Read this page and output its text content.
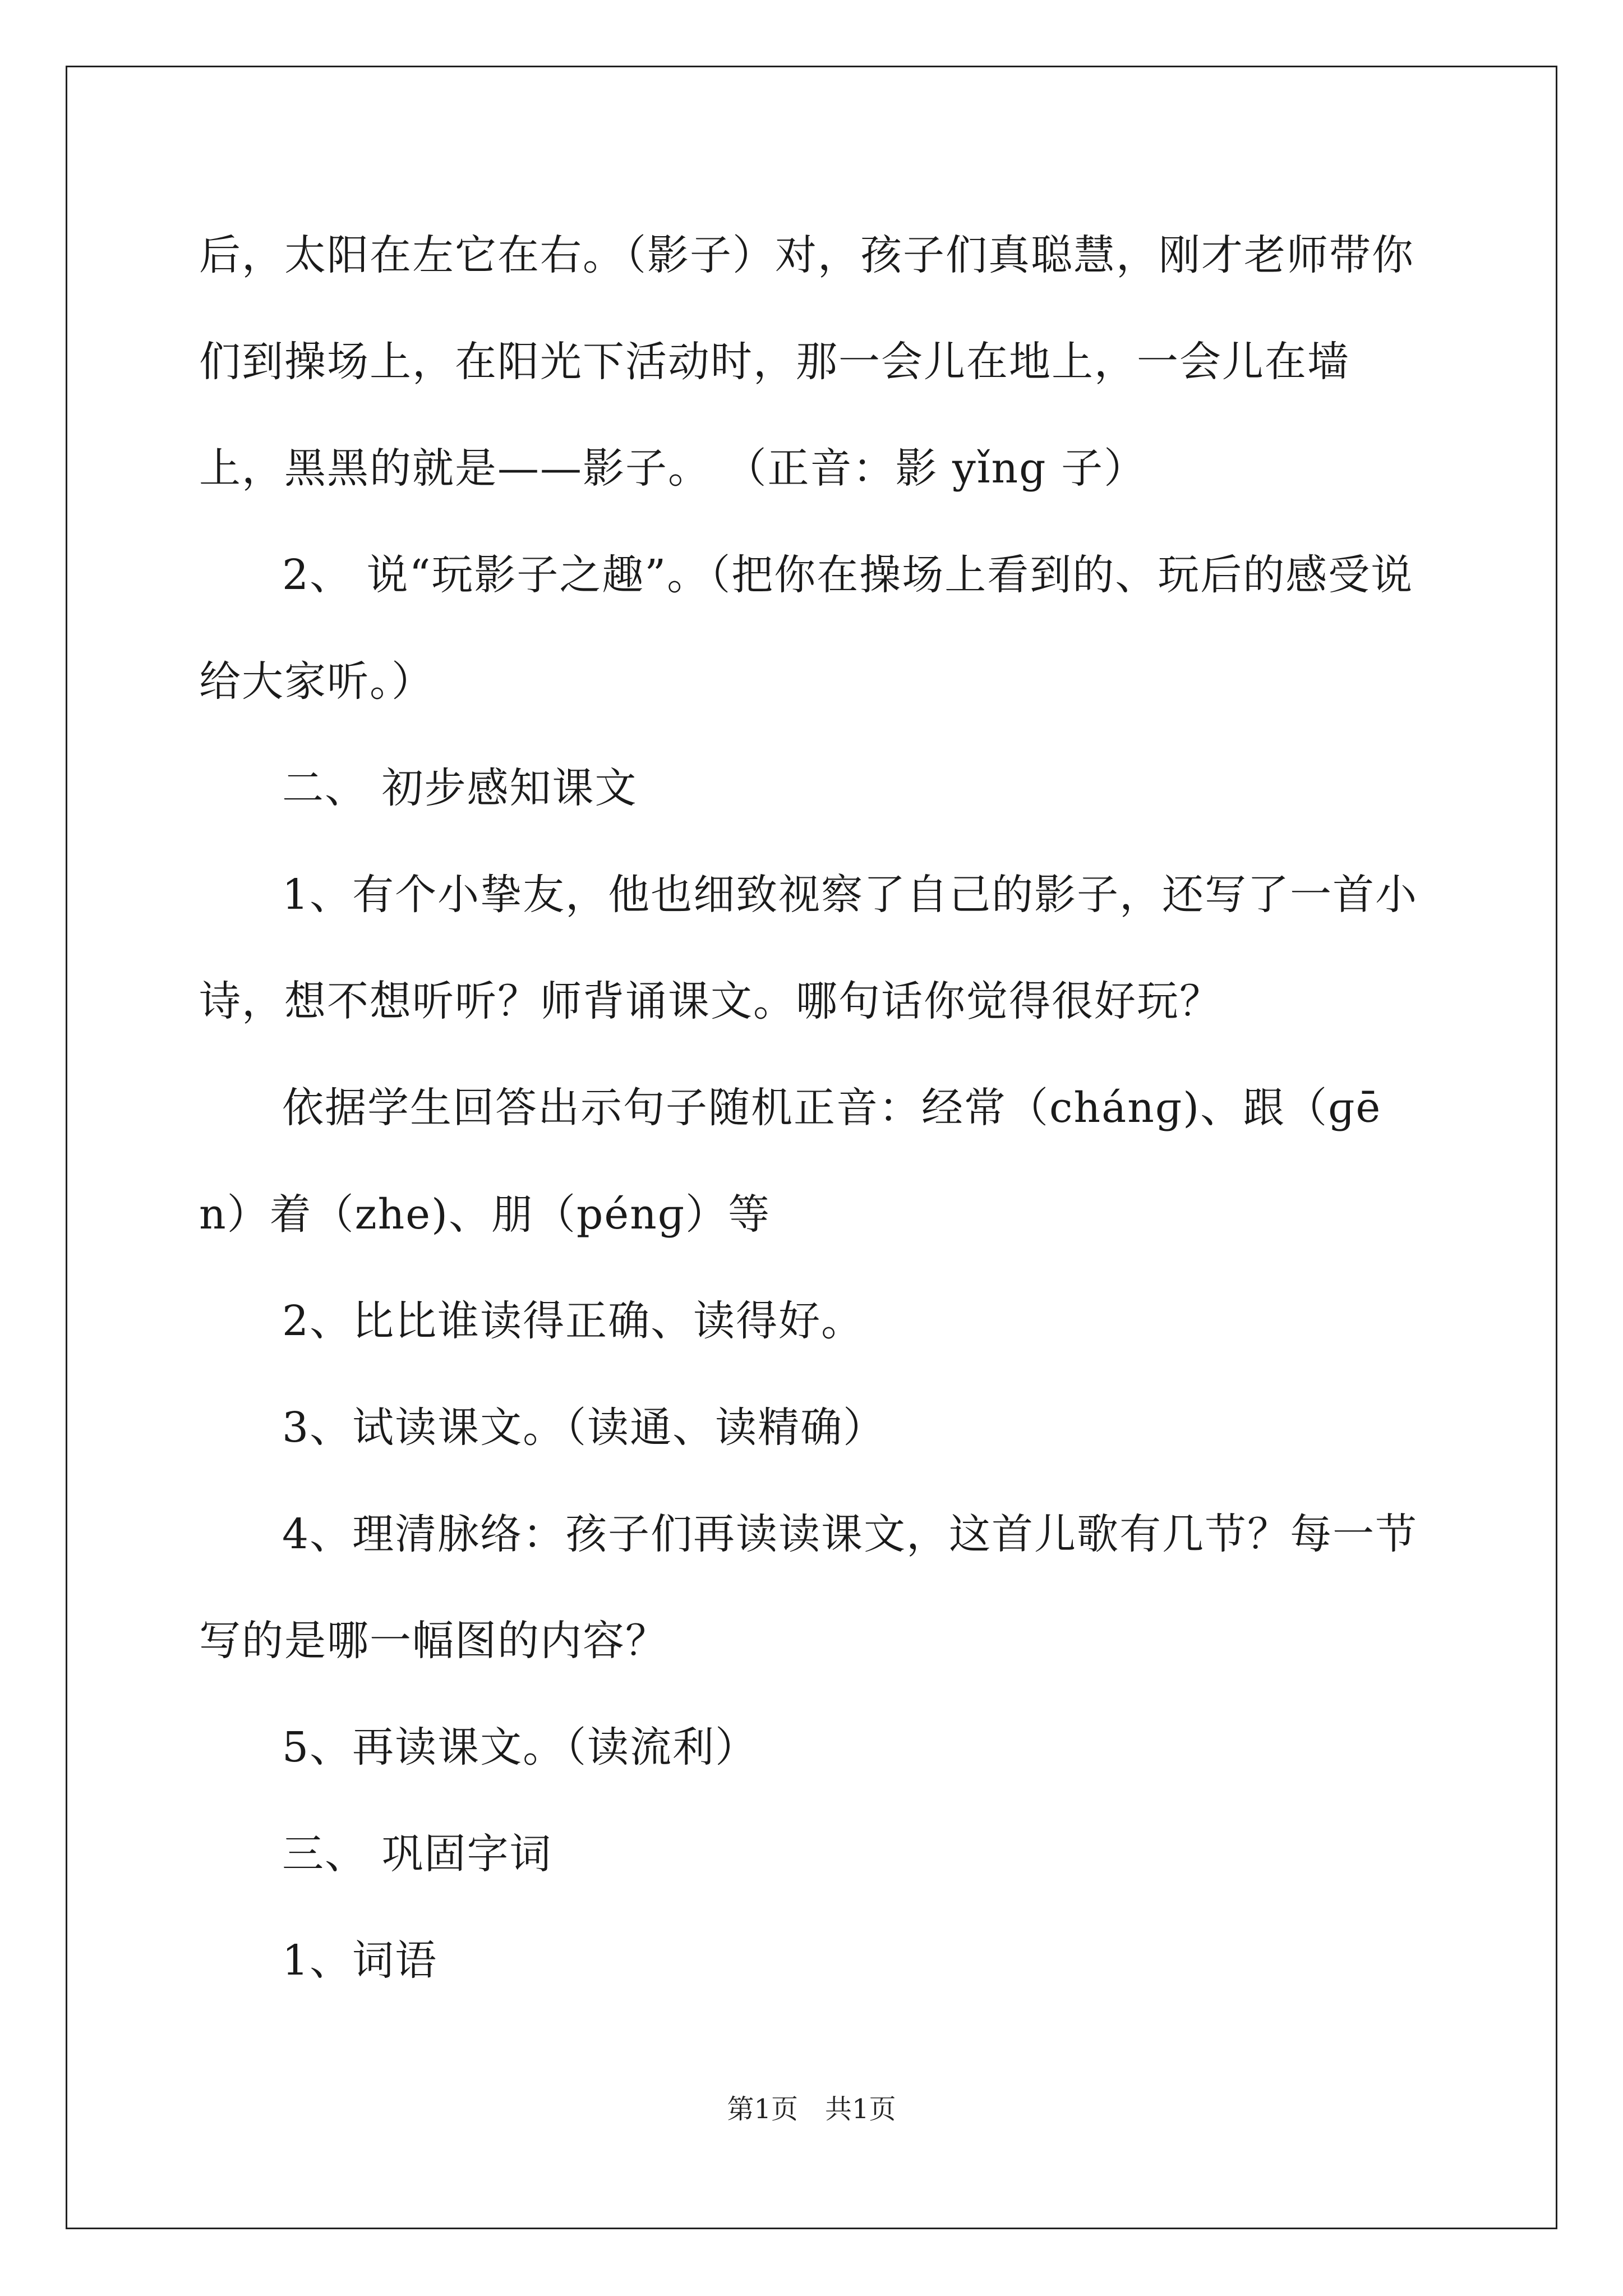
后，太阳在左它在右。（影子）对，孩子们真聪慧，刚才老师带你们到操场上，在阳光下活动时，那一会儿在地上，一会儿在墙 上，黑黑的就是——影子。 （正音：影 yǐng 子）

2、 说“玩影子之趣”。（把你在操场上看到的、玩后的感受说给大家听。）

二、 初步感知课文

1、有个小挚友，他也细致视察了自己的影子，还写了一首小诗，想不想听听？师背诵课文。哪句话你觉得很好玩？

依据学生回答出示句子随机正音：经常（chánɡ)、跟（ɡēn）着（zhe)、朋（pénɡ）等

2、比比谁读得正确、读得好。

3、试读课文。（读通、读精确）

4、理清脉络：孩子们再读读课文，这首儿歌有几节？每一节写的是哪一幅图的内容？

5、再读课文。（读流利）

三、 巩固字词

1、词语

第1页　共1页
